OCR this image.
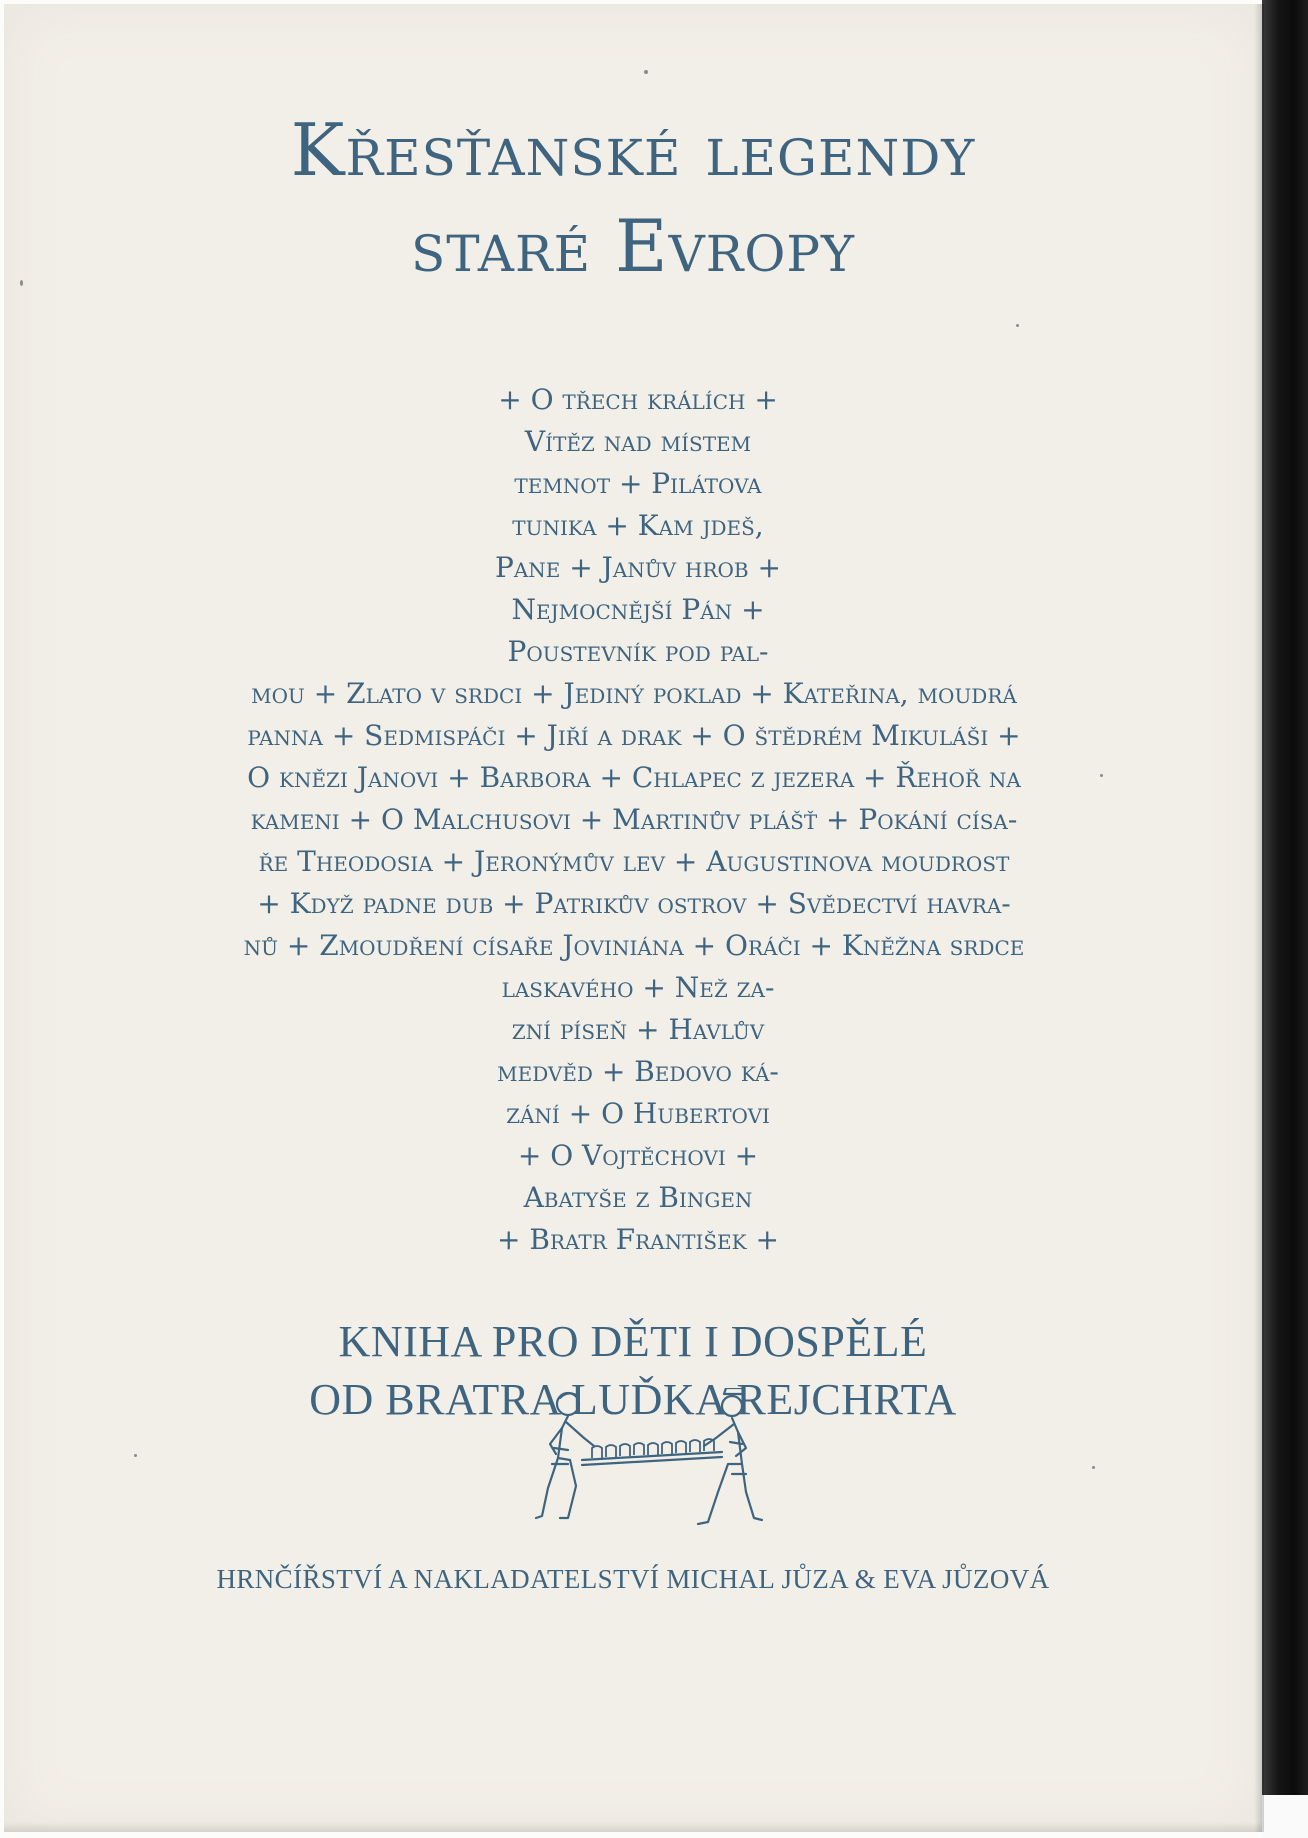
Křesťanské legendy
staré Evropy
+ O třech králích +
Vítěz nad místem
temnot + Pilátova
tunika + Kam jdeš,
Pane + Janův hrob +
Nejmocnější Pán +
Poustevník pod pal-
mou + Zlato v srdci + Jediný poklad + Kateřina, moudrá
panna + Sedmispáči + Jiří a drak + O štědrém Mikuláši +
O knězi Janovi + Barbora + Chlapec z jezera + Řehoř na
kameni + O Malchusovi + Martinův plášť + Pokání císa-
ře Theodosia + Jeronýmův lev + Augustinova moudrost
+ Když padne dub + Patrikův ostrov + Svědectví havra-
nů + Zmoudření císaře Joviniána + Oráči + Kněžna srdce
laskavého + Než za-
zní píseň + Havlův
medvěd + Bedovo ká-
zání + O Hubertovi
+ O Vojtěchovi +
Abatyše z Bingen
+ Bratr František +
KNIHA PRO DĚTI I DOSPĚLÉ
OD BRATRA LUĎKA REJCHRTA
HRNČÍŘSTVÍ A NAKLADATELSTVÍ MICHAL JŮZA & EVA JŮZOVÁ
